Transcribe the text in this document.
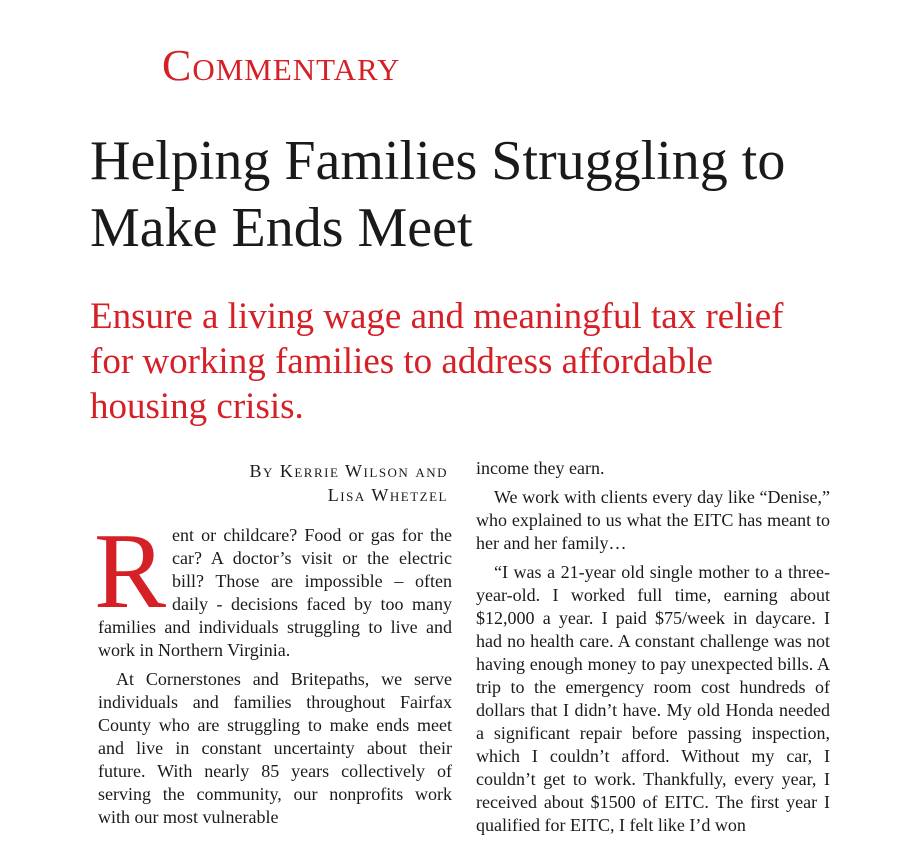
Commentary
Helping Families Struggling to Make Ends Meet

Ensure a living wage and meaningful tax relief for working families to address affordable housing crisis.

By Kerrie Wilson and
Lisa Whetzel

Rent or childcare? Food or gas for the car? A doctor’s visit or the electric bill? Those are impossible – often daily - decisions faced by too many families and individuals struggling to live and work in Northern Virginia.

At Cornerstones and Britepaths, we serve individuals and families throughout Fairfax County who are struggling to make ends meet and live in constant uncertainty about their future. With nearly 85 years collectively of serving the community, our nonprofits work with our most vulnerable

income they earn.

We work with clients every day like “Denise,” who explained to us what the EITC has meant to her and her family…

“I was a 21-year old single mother to a three-year-old. I worked full time, earning about $12,000 a year. I paid $75/week in daycare. I had no health care. A constant challenge was not having enough money to pay unexpected bills. A trip to the emergency room cost hundreds of dollars that I didn’t have. My old Honda needed a significant repair before passing inspection, which I couldn’t afford. Without my car, I couldn’t get to work. Thankfully, every year, I received about $1500 of EITC. The first year I qualified for EITC, I felt like I’d won
